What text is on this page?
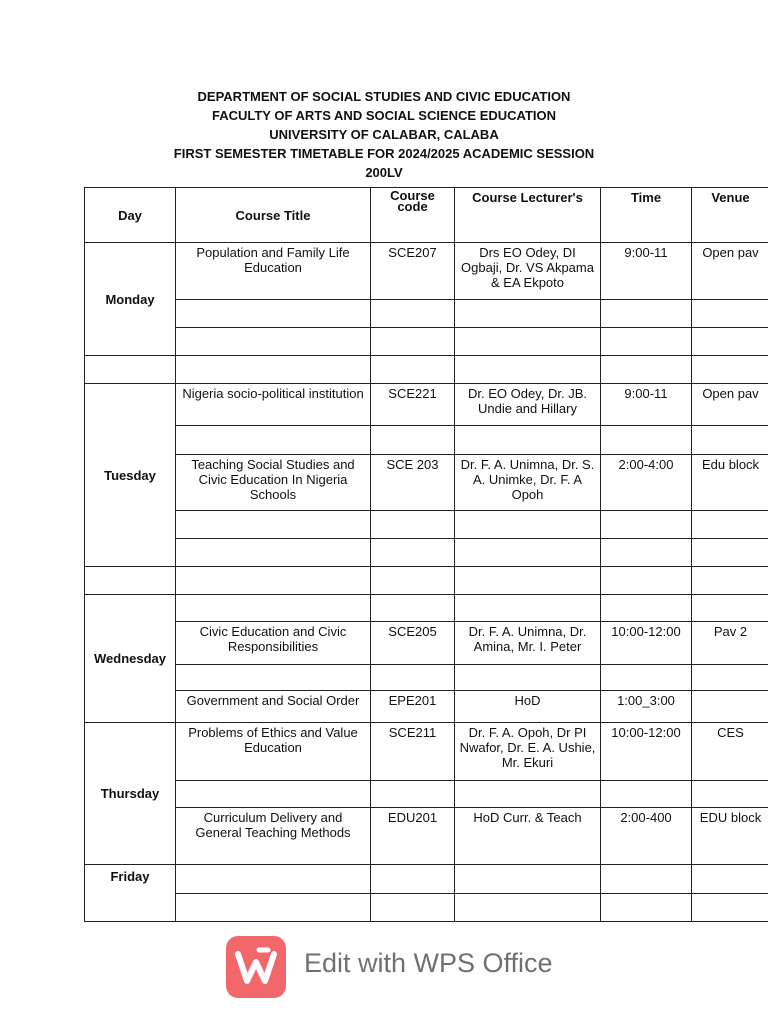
DEPARTMENT OF SOCIAL STUDIES AND CIVIC EDUCATION
FACULTY OF ARTS AND SOCIAL SCIENCE EDUCATION
UNIVERSITY OF CALABAR, CALABA
FIRST SEMESTER TIMETABLE FOR 2024/2025 ACADEMIC SESSION
200LV
Day	Course Title	Course code	Course Lecturer's	Time	Venue
Monday	Population and Family Life Education	SCE207	Drs EO Odey, DI Ogbaji, Dr. VS Akpama & EA Ekpoto	9:00-11	Open pav

Tuesday	Nigeria socio-political institution	SCE221	Dr. EO Odey, Dr. JB. Undie and Hillary	9:00-11	Open pav

	Teaching Social Studies and Civic Education In Nigeria Schools	SCE 203	Dr. F. A. Unimna, Dr. S. A. Unimke, Dr. F. A Opoh	2:00-4:00	Edu block

Wednesday					
	Civic Education and Civic Responsibilities	SCE205	Dr. F. A. Unimna, Dr. Amina, Mr. I. Peter	10:00-12:00	Pav 2

	Government and Social Order	EPE201	HoD	1:00_3:00	
Thursday	Problems of Ethics and Value Education	SCE211	Dr. F. A. Opoh, Dr PI Nwafor, Dr. E. A. Ushie, Mr. Ekuri	10:00-12:00	CES

	Curriculum Delivery and General Teaching Methods	EDU201	HoD Curr. & Teach	2:00-400	EDU block
Friday					

Edit with WPS Office
